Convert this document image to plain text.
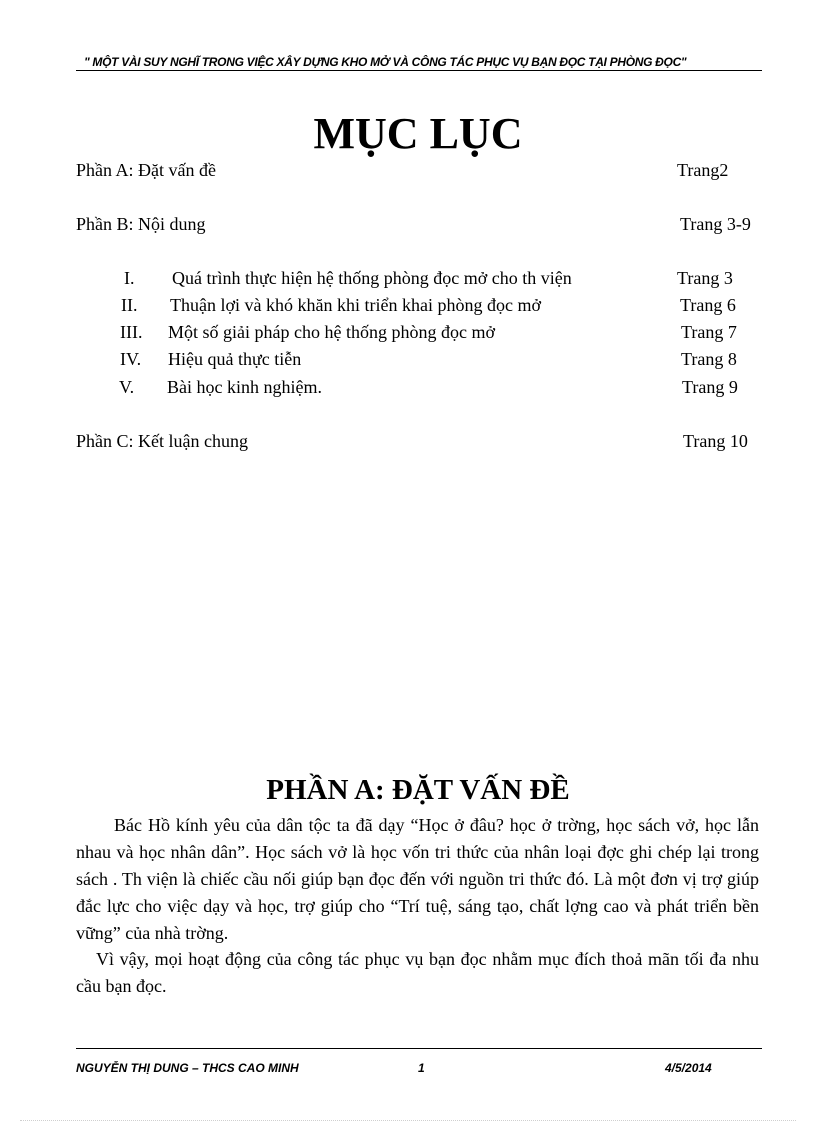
" MỘT VÀI SUY NGHĨ TRONG VIỆC XÂY DỰNG KHO MỞ VÀ CÔNG TÁC PHỤC VỤ BẠN ĐỌC TẠI PHÒNG ĐỌC"
MỤC LỤC
Phần A: Đặt vấn đề	Trang2
Phần B: Nội dung	Trang 3-9
I. Quá trình thực hiện hệ thống phòng đọc mở cho th viện	Trang 3
II. Thuận lợi và khó khăn khi triển khai phòng đọc mở	Trang 6
III. Một số giải pháp cho hệ thống phòng đọc mở	Trang 7
IV. Hiệu quả thực tiễn	Trang 8
V. Bài học kinh nghiệm.	Trang 9
Phần C: Kết luận chung	Trang 10
PHẦN A: ĐẶT VẤN ĐỀ
Bác Hồ kính yêu của dân tộc ta đã dạy “Học ở đâu? học ở trờng, học sách vở, học lẫn nhau và học nhân dân”. Học sách vở là học vốn tri thức của nhân loại đợc ghi chép lại trong sách . Th viện là chiếc cầu nối giúp bạn đọc đến với nguồn tri thức đó. Là một đơn vị trợ giúp đắc lực cho việc dạy và học, trợ giúp cho “Trí tuệ, sáng tạo, chất lợng cao và phát triển bền vững” của nhà trờng.
Vì vậy, mọi hoạt động của công tác phục vụ bạn đọc nhằm mục đích thoả mãn tối đa nhu cầu bạn đọc.
NGUYỄN THỊ DUNG – THCS CAO MINH	1	4/5/2014
